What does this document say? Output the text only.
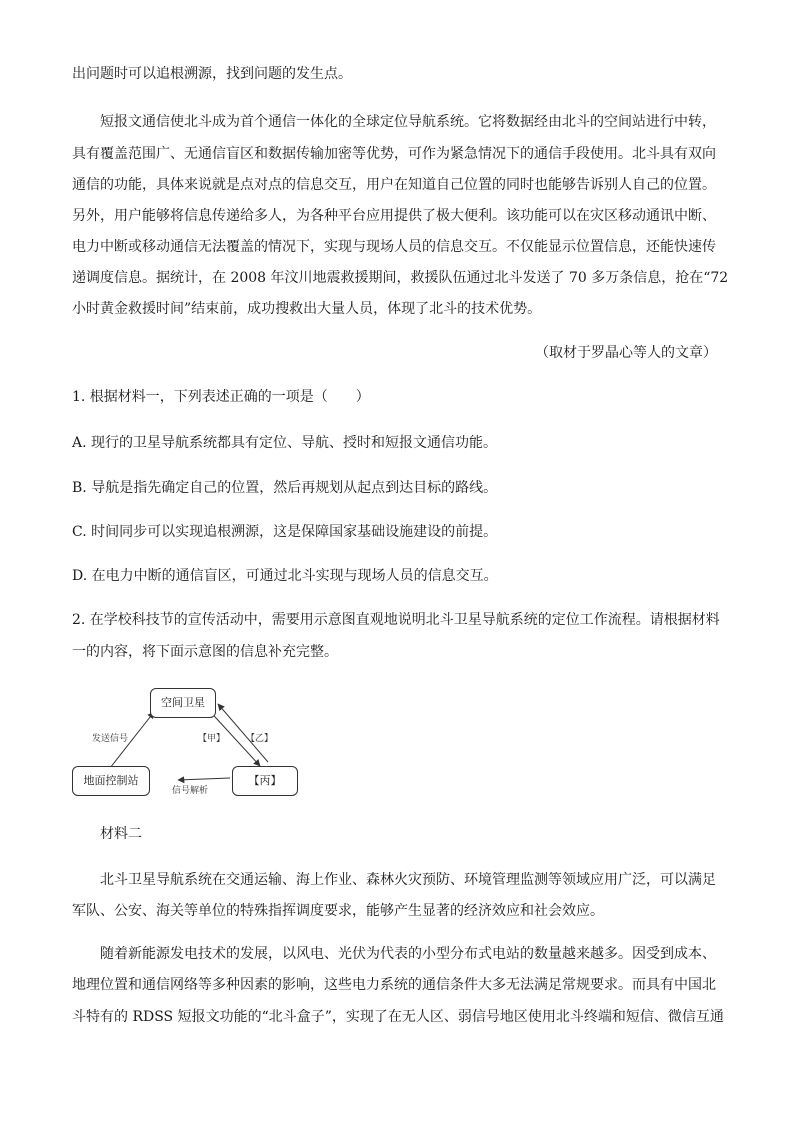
出问题时可以追根溯源，找到问题的发生点。
短报文通信使北斗成为首个通信一体化的全球定位导航系统。它将数据经由北斗的空间站进行中转，
具有覆盖范围广、无通信盲区和数据传输加密等优势，可作为紧急情况下的通信手段使用。北斗具有双向
通信的功能，具体来说就是点对点的信息交互，用户在知道自己位置的同时也能够告诉别人自己的位置。
另外，用户能够将信息传递给多人，为各种平台应用提供了极大便利。该功能可以在灾区移动通讯中断、
电力中断或移动通信无法覆盖的情况下，实现与现场人员的信息交互。不仅能显示位置信息，还能快速传
递调度信息。据统计，在 2008 年汶川地震救援期间，救援队伍通过北斗发送了 70 多万条信息，抢在“72
小时黄金救援时间”结束前，成功搜救出大量人员，体现了北斗的技术优势。
（取材于罗晶心等人的文章）
1. 根据材料一，下列表述正确的一项是（　　）
A. 现行的卫星导航系统都具有定位、导航、授时和短报文通信功能。
B. 导航是指先确定自己的位置，然后再规划从起点到达目标的路线。
C. 时间同步可以实现追根溯源，这是保障国家基础设施建设的前提。
D. 在电力中断的通信盲区，可通过北斗实现与现场人员的信息交互。
2. 在学校科技节的宣传活动中，需要用示意图直观地说明北斗卫星导航系统的定位工作流程。请根据材料
一的内容，将下面示意图的信息补充完整。
空间卫星
地面控制站	【丙】
发送信号	【甲】 【乙】
信号解析
材料二
北斗卫星导航系统在交通运输、海上作业、森林火灾预防、环境管理监测等领域应用广泛，可以满足
军队、公安、海关等单位的特殊指挥调度要求，能够产生显著的经济效应和社会效应。
随着新能源发电技术的发展，以风电、光伏为代表的小型分布式电站的数量越来越多。因受到成本、
地理位置和通信网络等多种因素的影响，这些电力系统的通信条件大多无法满足常规要求。而具有中国北
斗特有的 RDSS 短报文功能的“北斗盒子”，实现了在无人区、弱信号地区使用北斗终端和短信、微信互通
